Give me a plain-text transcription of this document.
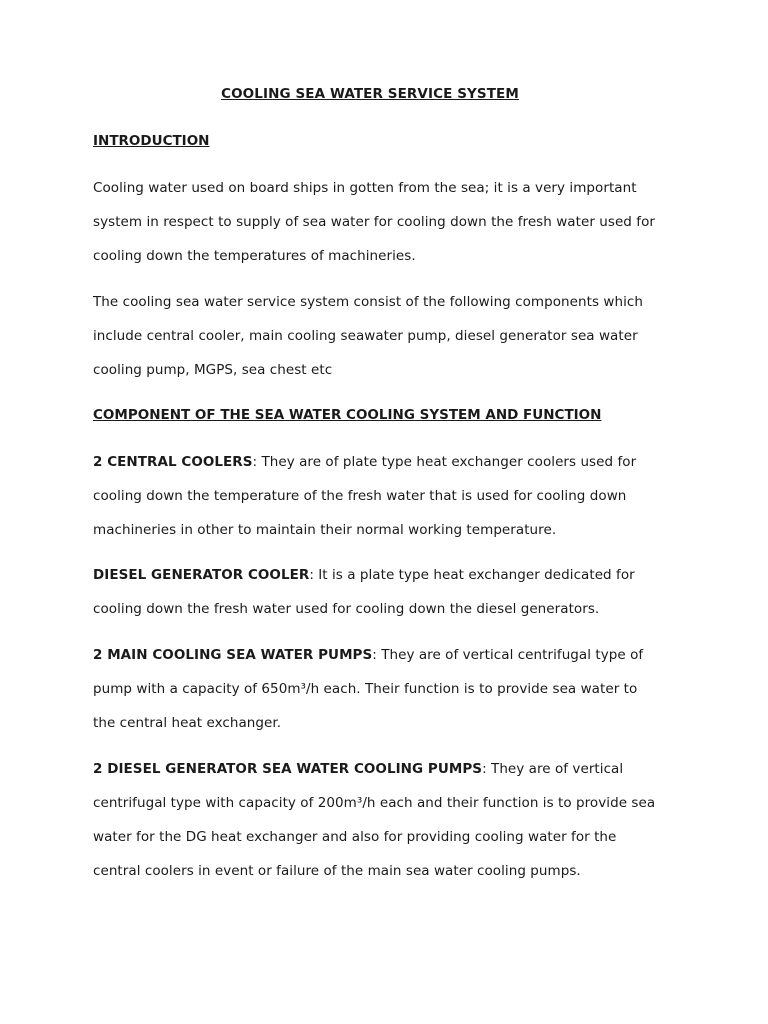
COOLING SEA WATER SERVICE SYSTEM
INTRODUCTION
Cooling water used on board ships in gotten from the sea; it is a very important
system in respect to supply of sea water for cooling down the fresh water used for
cooling down the temperatures of machineries.
The cooling sea water service system consist of the following components which
include central cooler, main cooling seawater pump, diesel generator sea water
cooling pump, MGPS, sea chest etc
COMPONENT OF THE SEA WATER COOLING SYSTEM AND FUNCTION
2 CENTRAL COOLERS: They are of plate type heat exchanger coolers used for
cooling down the temperature of the fresh water that is used for cooling down
machineries in other to maintain their normal working temperature.
DIESEL GENERATOR COOLER: It is a plate type heat exchanger dedicated for
cooling down the fresh water used for cooling down the diesel generators.
2 MAIN COOLING SEA WATER PUMPS: They are of vertical centrifugal type of
pump with a capacity of 650m³/h each. Their function is to provide sea water to
the central heat exchanger.
2 DIESEL GENERATOR SEA WATER COOLING PUMPS: They are of vertical
centrifugal type with capacity of 200m³/h each and their function is to provide sea
water for the DG heat exchanger and also for providing cooling water for the
central coolers in event or failure of the main sea water cooling pumps.
